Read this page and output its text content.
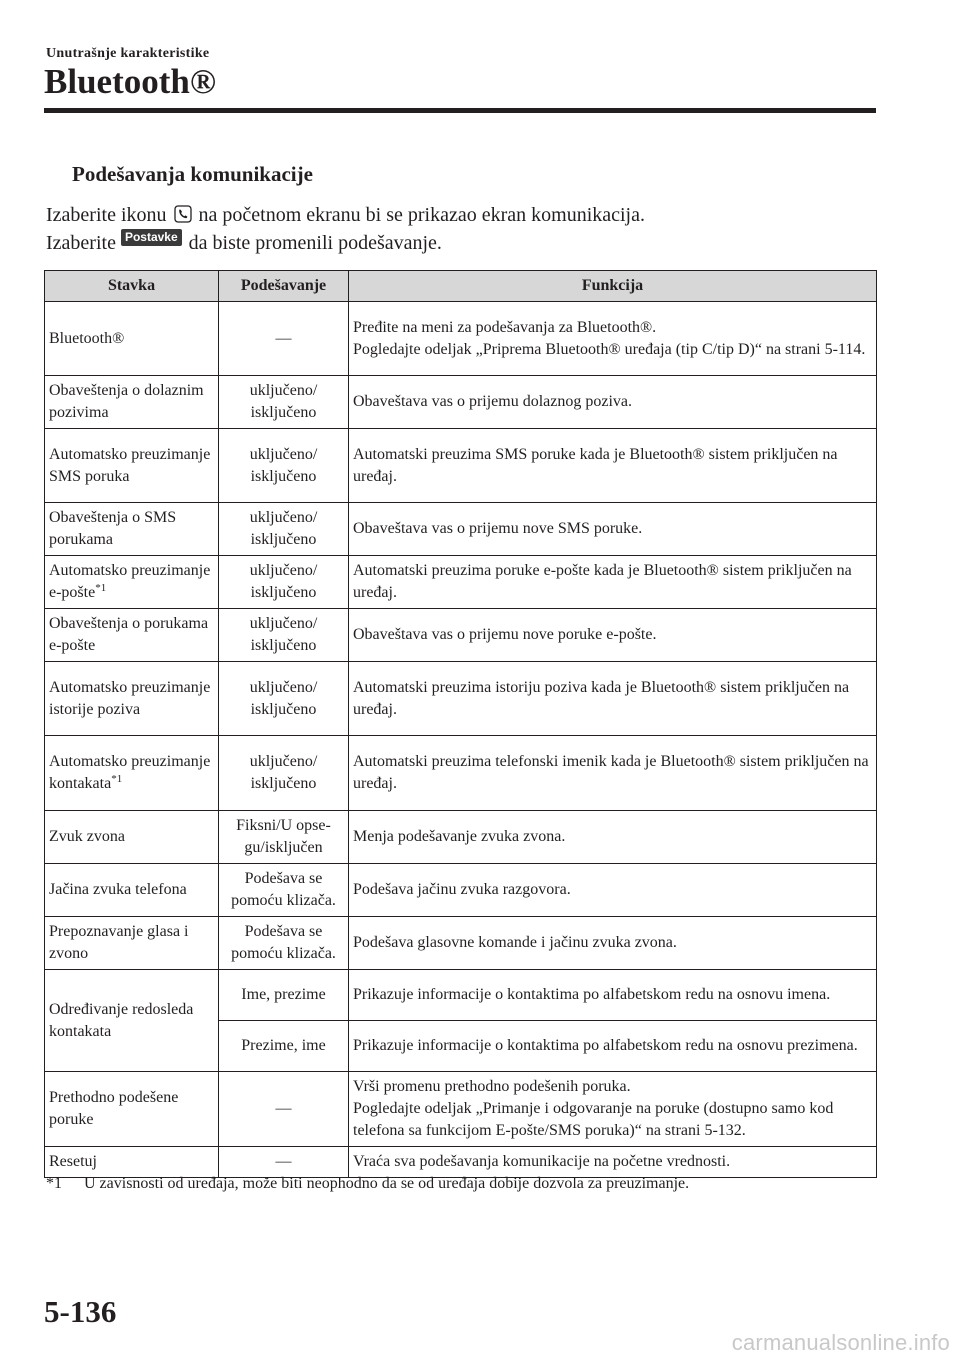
Unutrašnje karakteristike
Bluetooth®
Podešavanja komunikacije
Izaberite ikonu na početnom ekranu bi se prikazao ekran komunikacija.
Izaberite Postavke da biste promenili podešavanje.
Stavka	Podešavanje	Funkcija
Bluetooth®	—	Pređite na meni za podešavanja za Bluetooth®.
Pogledajte odeljak „Priprema Bluetooth® uređaja (tip C/tip D)“ na strani 5-114.

Obaveštenja o dolaznim pozivima	uključeno/ isključeno	Obaveštava vas o prijemu dolaznog poziva.
Automatsko preuzimanje SMS poruka	uključeno/ isključeno	Automatski preuzima SMS poruke kada je Bluetooth® sistem priključen na uređaj.
Obaveštenja o SMS porukama	uključeno/ isključeno	Obaveštava vas o prijemu nove SMS poruke.
Automatsko preuzimanje e-pošte$^{*1}$	uključeno/ isključeno	Automatski preuzima poruke e-pošte kada je Bluetooth® sistem priključen na uređaj.
Obaveštenja o porukama e-pošte	uključeno/ isključeno	Obaveštava vas o prijemu nove poruke e-pošte.
Automatsko preuzimanje istorije poziva	uključeno/ isključeno	Automatski preuzima istoriju poziva kada je Bluetooth® sistem priključen na uređaj.
Automatsko preuzimanje kontakata$^{*1}$	uključeno/ isključeno	Automatski preuzima telefonski imenik kada je Bluetooth® sistem priključen na uređaj.
Zvuk zvona	Fiksni/U opse-gu/isključen	Menja podešavanje zvuka zvona.
Jačina zvuka telefona	Podešava se pomoću klizača.	Podešava jačinu zvuka razgovora.
Prepoznavanje glasa i zvono	Podešava se pomoću klizača.	Podešava glasovne komande i jačinu zvuka zvona.
Određivanje redosleda kontakata	Ime, prezime	Prikazuje informacije o kontaktima po alfabetskom redu na osnovu imena.
	Prezime, ime	Prikazuje informacije o kontaktima po alfabetskom redu na osnovu prezimena.
Prethodno podešene poruke	—	Vrši promenu prethodno podešenih poruka.
Pogledajte odeljak „Primanje i odgovaranje na poruke (dostupno samo kod telefona sa funkcijom E-pošte/SMS poruka)“ na strani 5-132.

Resetuj	—	Vraća sva podešavanja komunikacije na početne vrednosti.
*1 U zavisnosti od uređaja, može biti neophodno da se od uređaja dobije dozvola za preuzimanje.
5-136
carmanualsonline.info
